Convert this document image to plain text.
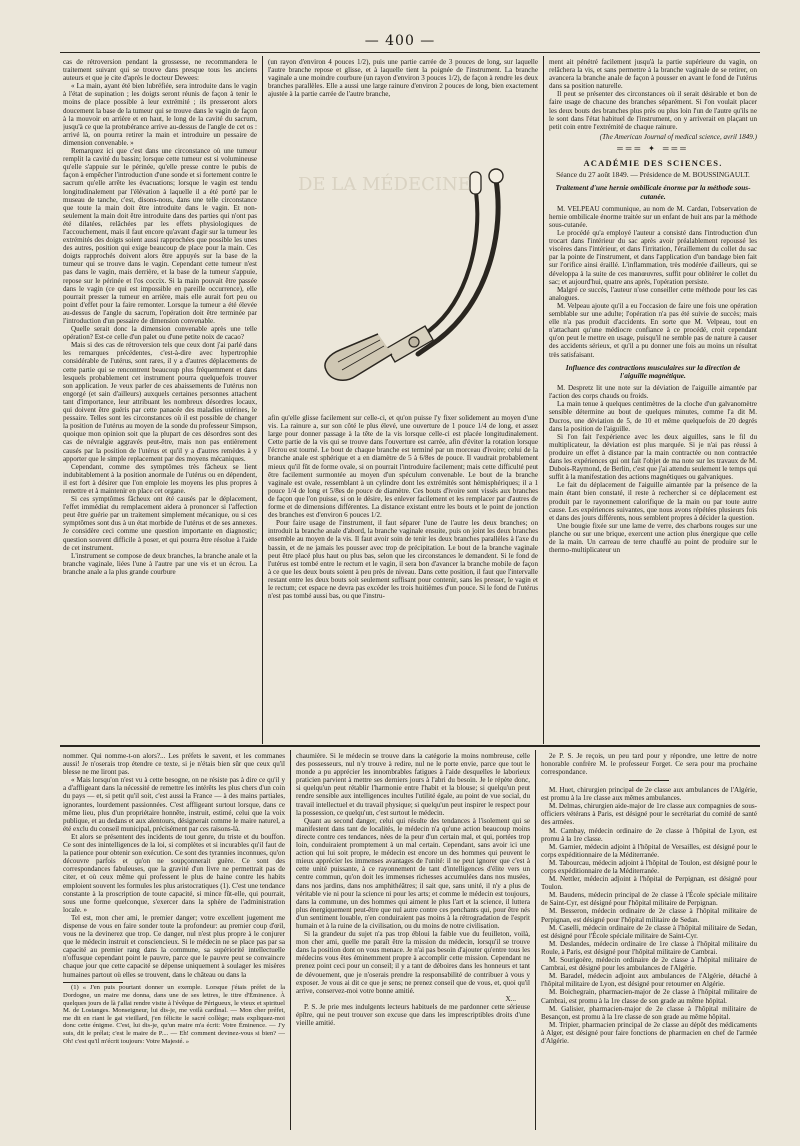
— 400 —

cas de rétroversion pendant la grossesse, ne recommandera le traitement suivant qui se trouve dans presque tous les anciens auteurs et que je cite d'après le docteur Dewees:

« La main, ayant été bien lubréfiée, sera introduite dans le vagin à l'état de supination ; les doigts seront réunis de façon à tenir le moins de place possible à leur extrémité ; ils presseront alors doucement la base de la tumeur qui se trouve dans le vagin de façon à la mouvoir en arrière et en haut, le long de la cavité du sacrum, jusqu'à ce que la protubérance arrive au-dessus de l'angle de cet os : arrivé là, on pourra retirer la main et introduire un pessaire de dimension convenable. »

Remarquez ici que c'est dans une circonstance où une tumeur remplit la cavité du bassin; lorsque cette tumeur est si volumineuse qu'elle s'appuie sur le périnée, qu'elle presse contre le pubis de façon à empêcher l'introduction d'une sonde et si fortement contre le sacrum qu'elle arrête les évacuations; lorsque le vagin est tendu longitudinalement par l'élévation à laquelle il a été porté par le museau de tanche, c'est, disons-nous, dans une telle circonstance que toute la main doit être introduite dans le vagin. Et non-seulement la main doit être introduite dans des parties qui n'ont pas été dilatées, relâchées par les effets physiologiques de l'accouchement, mais il faut encore qu'avant d'agir sur la tumeur les extrémités des doigts soient aussi rapprochées que possible les unes des autres, position qui exige beaucoup de place pour la main. Ces doigts rapprochés doivent alors être appuyés sur la base de la tumeur qui se trouve dans le vagin. Cependant cette tumeur n'est pas dans le vagin, mais derrière, et la base de la tumeur s'appuie, repose sur le périnée et l'os coccix. Si la main pouvait être passée dans le vagin (ce qui est impossible en pareille occurrence), elle pourrait presser la tumeur en arrière, mais elle aurait fort peu ou point d'effet pour la faire remonter. Lorsque la tumeur a été élevée au-dessus de l'angle du sacrum, l'opération doit être terminée par l'introduction d'un pessaire de dimension convenable.

Quelle serait donc la dimension convenable après une telle opération? Est-ce celle d'un palet ou d'une petite noix de cacao?

Mais si des cas de rétroversion tels que ceux dont j'ai parlé dans les remarques précédentes, c'est-à-dire avec hypertrophie considérable de l'utérus, sont rares, il y a d'autres déplacements de cette partie qui se rencontrent beaucoup plus fréquemment et dans lesquels probablement cet instrument pourra quelquefois trouver son application. Je veux parler de ces abaissements de l'utérus non engorgé (et sain d'ailleurs) auxquels certaines personnes attachent tant d'importance, leur attribuant les nombreux désordres locaux, qui doivent être guéris par cette panacée des maladies utérines, le pessaire. Telles sont les circonstances où il est possible de changer la position de l'utérus au moyen de la sonde du professeur Simpson, quoique mon opinion soit que la plupart de ces désordres sont des cas de névralgie aggravés peut-être, mais non pas entièrement causés par la position de l'utérus et qu'il y a d'autres remèdes à y apporter que le simple replacement par des moyens mécaniques.

Cependant, comme des symptômes très fâcheux se lient indubitablement à la position anormale de l'utérus ou en dépendent, il est fort à désirer que l'on emploie les moyens les plus propres à remettre et à maintenir en place cet organe.

Si ces symptômes fâcheux ont été causés par le déplacement, l'effet immédiat du remplacement aidera à prononcer si l'affection peut être guérie par un traitement simplement mécanique, ou si ces symptômes sont dus à un état morbide de l'utérus et de ses annexes. Je considère ceci comme une question importante en diagnostic; question souvent difficile à poser, et qui pourra être résolue à l'aide de cet instrument.

L'instrument se compose de deux branches, la branche anale et la branche vaginale, liées l'une à l'autre par une vis et un écrou. La branche anale a la plus grande courbure

(un rayon d'environ 4 pouces 1/2), puis une partie carrée de 3 pouces de long, sur laquelle l'autre branche repose et glisse, et à laquelle tient la poignée de l'instrument. La branche vaginale a une moindre courbure (un rayon d'environ 3 pouces 1/2), de façon à rendre les deux branches parallèles. Elle a aussi une large rainure d'environ 2 pouces de long, bien exactement ajustée à la partie carrée de l'autre branche,

DE LA MÉDECINE

afin qu'elle glisse facilement sur celle-ci, et qu'on puisse l'y fixer solidement au moyen d'une vis. La rainure a, sur son côté le plus élevé, une ouverture de 1 pouce 1/4 de long, et assez large pour donner passage à la tête de la vis lorsque celle-ci est placée longitudinalement. Cette partie de la vis qui se trouve dans l'ouverture est carrée, afin d'éviter la rotation lorsque l'écrou est tourné. Le bout de chaque branche est terminé par un morceau d'ivoire; celui de la branche anale est sphérique et a en diamètre de 5 à 6/8es de pouce. Il vaudrait probablement mieux qu'il fût de forme ovale, si on pourrait l'introduire facilement; mais cette difficulté peut être facilement surmontée au moyen d'un spéculum convenable. Le bout de la branche vaginale est ovale, ressemblant à un cylindre dont les extrémités sont hémisphériques; il a 1 pouce 1/4 de long et 5/8es de pouce de diamètre. Ces bouts d'ivoire sont vissés aux branches de façon que l'on puisse, si on le désire, les enlever facilement et les remplacer par d'autres de forme et de dimensions différentes. La distance existant entre les bouts et le point de jonction des branches est d'environ 6 pouces 1/2.

Pour faire usage de l'instrument, il faut séparer l'une de l'autre les deux branches; on introduit la branche anale d'abord, la branche vaginale ensuite, puis on joint les deux branches ensemble au moyen de la vis. Il faut avoir soin de tenir les deux branches parallèles à l'axe du bassin, et de ne jamais les pousser avec trop de précipitation. Le bout de la branche vaginale peut être placé plus haut ou plus bas, selon que les circonstances le demandent. Si le fond de l'utérus est tombé entre le rectum et le vagin, il sera bon d'avancer la branche mobile de façon à ce que les deux bouts soient à peu près de niveau. Dans cette position, il faut que l'intervalle restant entre les deux bouts soit seulement suffisant pour contenir, sans les presser, le vagin et le rectum; cet espace ne devra pas excéder les trois huitièmes d'un pouce. Si le fond de l'utérus n'est pas tombé aussi bas, ou que l'instru-

ment ait pénétré facilement jusqu'à la partie supérieure du vagin, on relâchera la vis, et sans permettre à la branche vaginale de se retirer, on avancera la branche anale de façon à pousser en avant le fond de l'utérus dans sa position naturelle.

Il peut se présenter des circonstances où il serait désirable et bon de faire usage de chacune des branches séparément. Si l'on voulait placer les deux bouts des branches plus près ou plus loin l'un de l'autre qu'ils ne le sont dans l'état habituel de l'instrument, on y arriverait en plaçant un petit coin entre l'extrémité de chaque rainure.

(The American Journal of medical science, avril 1849.)
═══ ✦ ═══
ACADÉMIE DES SCIENCES.
Séance du 27 août 1849. — Présidence de M. BOUSSINGAULT.
Traitement d'une hernie ombilicale énorme par la méthode sous-cutanée.

M. VELPEAU communique, au nom de M. Cardan, l'observation de hernie ombilicale énorme traitée sur un enfant de huit ans par la méthode sous-cutanée.

Le procédé qu'a employé l'auteur a consisté dans l'introduction d'un trocart dans l'intérieur du sac après avoir préalablement repoussé les viscères dans l'intérieur, et dans l'irritation, l'éraillement du collet du sac par la pointe de l'instrument, et dans l'application d'un bandage bien fait sur l'orifice ainsi éraillé. L'inflammation, très modérée d'ailleurs, qui se développa à la suite de ces manœuvres, suffit pour oblitérer le collet du sac; et aujourd'hui, quatre ans après, l'opération persiste.

Malgré ce succès, l'auteur n'ose conseiller cette méthode pour les cas analogues.

M. Velpeau ajoute qu'il a eu l'occasion de faire une fois une opération semblable sur une adulte; l'opération n'a pas été suivie de succès; mais elle n'a pas produit d'accidents. En sorte que M. Velpeau, tout en n'attachant qu'une médiocre confiance à ce procédé, croit cependant qu'on peut le mettre en usage, puisqu'il ne semble pas de nature à causer des accidents sérieux, et qu'il a pu donner une fois au moins un résultat très satisfaisant.

Influence des contractions musculaires sur la direction de l'aiguille magnétique.

M. Despretz lit une note sur la déviation de l'aiguille aimantée par l'action des corps chauds ou froids.

La main tenue à quelques centimètres de la cloche d'un galvanomètre sensible détermine au bout de quelques minutes, comme l'a dit M. Ducros, une déviation de 5, de 10 et même quelquefois de 20 degrés dans la position de l'aiguille.

Si l'on fait l'expérience avec les deux aiguilles, sans le fil du multiplicateur, la déviation est plus marquée. Si je n'ai pas réussi à produire un effet à distance par la main contractée ou non contractée dans les expériences qui ont fait l'objet de ma note sur les travaux de M. Dubois-Raymond, de Berlin, c'est que j'ai attendu seulement le temps qui suffit à la manifestation des actions magnétiques ou galvaniques.

Le fait du déplacement de l'aiguille aimantée par la présence de la main étant bien constaté, il reste à rechercher si ce déplacement est produit par le rayonnement calorifique de la main ou par toute autre cause. Les expériences suivantes, que nous avons répétées plusieurs fois et dans des jours différents, nous semblent propres à décider la question.

Une bougie fixée sur une lame de verre, des charbons rouges sur une planche ou sur une brique, exercent une action plus énergique que celle de la main. Un carreau de terre chauffé au point de produire sur le thermo-multiplicateur un

nommer. Qui nomme-t-on alors?... Les préfets le savent, et les commanes aussi! Je n'oserais trop étendre ce texte, si je n'étais bien sûr que ceux qu'il blesse ne me liront pas.

« Mais lorsqu'on n'est vu à cette besogne, on ne résiste pas à dire ce qu'il y a d'affligeant dans la nécessité de remettre les intérêts les plus chers d'un coin du pays — et, si petit qu'il soit, c'est aussi la France — à des mains partiales, ignorantes, lourdement passionnées. C'est affligeant surtout lorsque, dans ce même lieu, plus d'un propriétaire honnête, instruit, estimé, celui que la voix publique, et au dedans et aux alentours, désignerait comme le maire naturel, a été exclu du conseil municipal, précisément par ces raisons-là.

Et alors se présentent des incidents de tout genre, du triste et du bouffon. Ce sont des inintelligences de la loi, si complètes et si incurables qu'il faut de la patience pour obtenir son exécution. Ce sont des tyrannies inconnues, qu'on découvre parfois et qu'on ne soupçonnerait guère. Ce sont des correspondances fabuleuses, que la gravité d'un livre ne permettrait pas de citer, et où ceux même qui professent le plus de haine contre les habits emploient souvent les formules les plus aristocratiques (1). C'est une tendance constante à la proscription de toute capacité, si mince fût-elle, qui pourrait, sous une forme quelconque, s'exercer dans la sphère de l'administration locale. »

Tel est, mon cher ami, le premier danger; votre excellent jugement me dispense de vous en faire sonder toute la profondeur: au premier coup d'œil, vous ne la devinerez que trop. Ce danger, nul n'est plus propre à le conjurer que le médecin instruit et consciencieux. Si le médecin ne se place pas par sa capacité au premier rang dans la commune, sa supériorité intellectuelle n'offusque cependant point le pauvre, parce que le pauvre peut se convaincre chaque jour que cette capacité se dépense uniquement à soulager les misères humaines partout où elles se trouvent, dans le château ou dans la

(1) « J'en puis pourtant donner un exemple. Lorsque j'étais préfet de la Dordogne, un maire me donna, dans une de ses lettres, le titre d'Éminence. À quelques jours de là j'allai rendre visite à l'évêque de Périgueux, le vieux et spirituel M. de Lostanges. Monseigneur, lui dis-je, me voilà cardinal. — Mon cher préfet, me dit en riant le gai vieillard, j'en félicite le sacré collège; mais expliquez-moi donc cette énigme. C'est, lui dis-je, qu'un maire m'a écrit: Votre Éminence. — J'y suis, dit le prélat; c'est le maire de P.... — Eh! comment devinez-vous si bien? — Oh! c'est qu'il m'écrit toujours: Votre Majesté. »

chaumière. Si le médecin se trouve dans la catégorie la moins nombreuse, celle des possesseurs, nul n'y trouve à redire, nul ne le porte envie, parce que tout le monde a pu apprécier les innombrables fatigues à l'aide desquelles le laborieux praticien parvient à mettre ses derniers jours à l'abri du besoin. Je le répète donc, si quelqu'un peut rétablir l'harmonie entre l'habit et la blouse; si quelqu'un peut rendre sensible aux intelligences incultes l'utilité égale, au point de vue social, du travail intellectuel et du travail physique; si quelqu'un peut inspirer le respect pour la possession, ce quelqu'un, c'est surtout le médecin.

Quant au second danger, celui qui résulte des tendances à l'isolement qui se manifestent dans tant de localités, le médecin n'a qu'une action beaucoup moins directe contre ces tendances, nées de la peur d'un certain mal, et qui, portées trop loin, conduiraient promptement à un mal certain. Cependant, sans avoir ici une action qui lui soit propre, le médecin est encore un des hommes qui peuvent le mieux apprécier les immenses avantages de l'unité: il ne peut ignorer que c'est à cette unité puissante, à ce rayonnement de tant d'intelligences d'élite vers un centre commun, qu'on doit les immenses richesses accumulées dans nos musées, dans nos jardins, dans nos amphithéâtres; il sait que, sans unité, il n'y a plus de véritable vie ni pour la science ni pour les arts; et comme le médecin est toujours, dans la commune, un des hommes qui aiment le plus l'art et la science, il luttera plus énergiquement peut-être que nul autre contre ces penchants qui, pour être nés d'un sentiment louable, n'en conduiraient pas moins à la rétrogradation de l'esprit humain et à la ruine de la civilisation, ou du moins de notre civilisation.

Si la grandeur du sujet n'a pas trop ébloui la faible vue du feuilleton, voilà, mon cher ami, quelle me paraît être la mission du médecin, lorsqu'il se trouve dans la position dont on vous menace. Je n'ai pas besoin d'ajouter qu'entre tous les médecins vous êtes éminemment propre à accomplir cette mission. Cependant ne prenez point ceci pour un conseil; il y a tant de déboires dans les honneurs et tant de dévouement, que je n'oserais prendre la responsabilité de contribuer à vous y exposer. Je vous ai dit ce que je sens; ne prenez conseil que de vous, et, quoi qu'il arrive, conservez-moi votre bonne amitié.

X...

P. S. Je prie mes indulgents lecteurs habituels de me pardonner cette sérieuse épître, qui ne peut trouver son excuse que dans les imprescriptibles droits d'une vieille amitié.

2e P. S. Je reçois, un peu tard pour y répondre, une lettre de notre honorable confrère M. le professeur Forget. Ce sera pour ma prochaine correspondance.

M. Huet, chirurgien principal de 2e classe aux ambulances de l'Algérie, est promu à la 1re classe aux mêmes ambulances.

M. Delmas, chirurgien aide-major de 1re classe aux compagnies de sous-officiers vétérans à Paris, est désigné pour le secrétariat du comité de santé des armées.

M. Cambay, médecin ordinaire de 2e classe à l'hôpital de Lyon, est promu à la 1re classe.

M. Garnier, médecin adjoint à l'hôpital de Versailles, est désigné pour le corps expéditionnaire de la Méditerranée.

M. Tabourcau, médecin adjoint à l'hôpital de Toulon, est désigné pour le corps expéditionnaire de la Méditerranée.

M. Nettler, médecin adjoint à l'hôpital de Perpignan, est désigné pour Toulon.

M. Baudens, médecin principal de 2e classe à l'École spéciale militaire de Saint-Cyr, est désigné pour l'hôpital militaire de Perpignan.

M. Besseron, médecin ordinaire de 2e classe à l'hôpital militaire de Perpignan, est désigné pour l'hôpital militaire de Sedan.

M. Caselli, médecin ordinaire de 2e classe à l'hôpital militaire de Sedan, est désigné pour l'École spéciale militaire de Saint-Cyr.

M. Deslandes, médecin ordinaire de 1re classe à l'hôpital militaire du Roule, à Paris, est désigné pour l'hôpital militaire de Cambrai.

M. Sourigoère, médecin ordinaire de 2e classe à l'hôpital militaire de Cambrai, est désigné pour les ambulances de l'Algérie.

M. Baradel, médecin adjoint aux ambulances de l'Algérie, détaché à l'hôpital militaire de Lyon, est désigné pour retourner en Algérie.

M. Boichegrain, pharmacien-major de 2e classe à l'hôpital militaire de Cambrai, est promu à la 1re classe de son grade au même hôpital.

M. Galisier, pharmacien-major de 2e classe à l'hôpital militaire de Besançon, est promu à la 1re classe de son grade au même hôpital.

M. Tripier, pharmacien principal de 2e classe au dépôt des médicaments à Alger, est désigné pour faire fonctions de pharmacien en chef de l'armée d'Algérie.
